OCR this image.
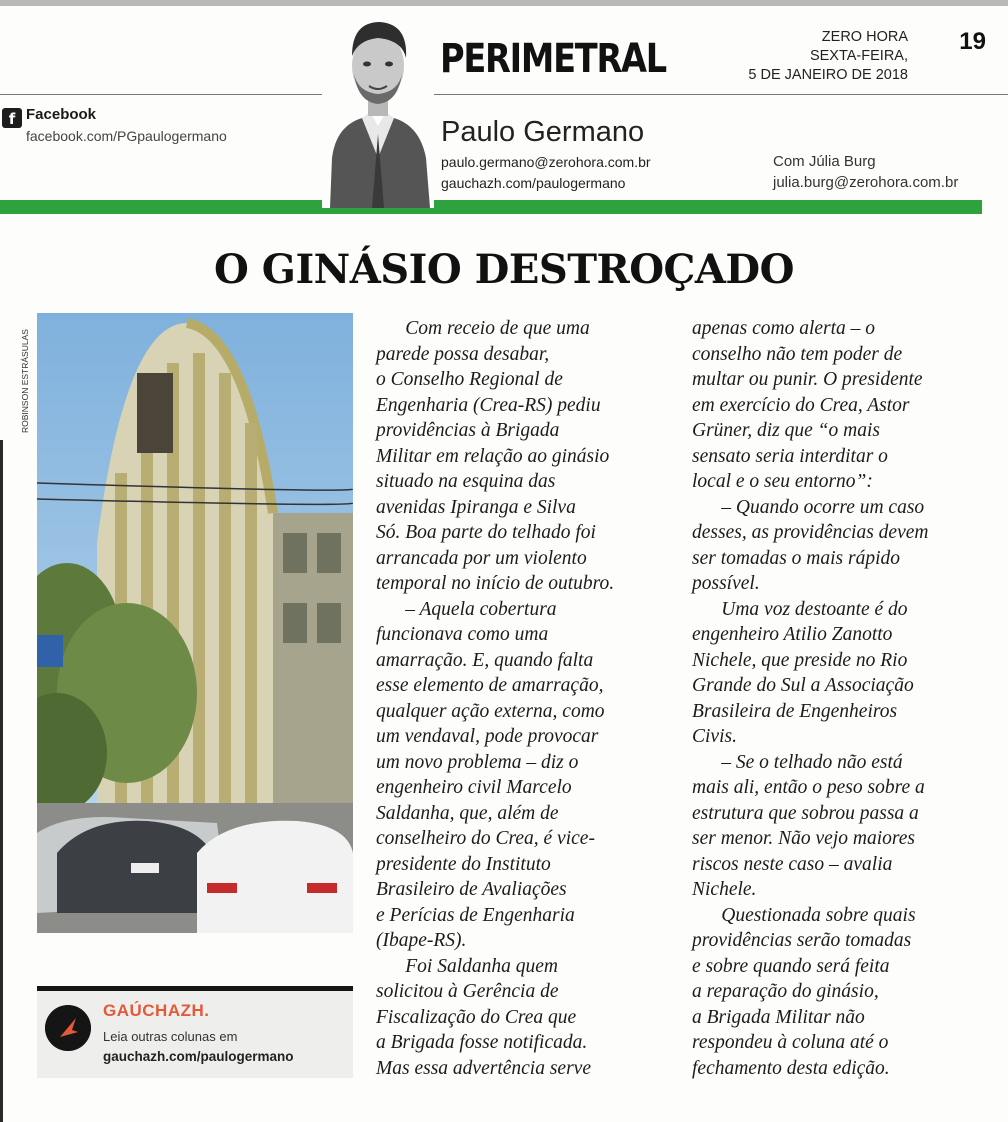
f Facebook
facebook.com/PGpaulogermano
PERIMETRAL
Paulo Germano
paulo.germano@zerohora.com.br
gauchazh.com/paulogermano
ZERO HORA
SEXTA-FEIRA,
5 DE JANEIRO DE 2018
19
Com Júlia Burg
julia.burg@zerohora.com.br
O GINÁSIO DESTROÇADO
ROBINSON ESTRÁSULAS
GAÚCHAZH.
Leia outras colunas em
gauchazh.com/paulogermano
  Com receio de que uma
parede possa desabar,
o Conselho Regional de
Engenharia (Crea-RS) pediu
providências à Brigada
Militar em relação ao ginásio
situado na esquina das
avenidas Ipiranga e Silva
Só. Boa parte do telhado foi
arrancada por um violento
temporal no início de outubro.
  – Aquela cobertura
funcionava como uma
amarração. E, quando falta
esse elemento de amarração,
qualquer ação externa, como
um vendaval, pode provocar
um novo problema – diz o
engenheiro civil Marcelo
Saldanha, que, além de
conselheiro do Crea, é vice-
presidente do Instituto
Brasileiro de Avaliações
e Perícias de Engenharia
(Ibape-RS).
  Foi Saldanha quem
solicitou à Gerência de
Fiscalização do Crea que
a Brigada fosse notificada.
Mas essa advertência serve
apenas como alerta – o
conselho não tem poder de
multar ou punir. O presidente
em exercício do Crea, Astor
Grüner, diz que “o mais
sensato seria interditar o
local e o seu entorno”:
  – Quando ocorre um caso
desses, as providências devem
ser tomadas o mais rápido
possível.
  Uma voz destoante é do
engenheiro Atilio Zanotto
Nichele, que preside no Rio
Grande do Sul a Associação
Brasileira de Engenheiros
Civis.
  – Se o telhado não está
mais ali, então o peso sobre a
estrutura que sobrou passa a
ser menor. Não vejo maiores
riscos neste caso – avalia
Nichele.
  Questionada sobre quais
providências serão tomadas
e sobre quando será feita
a reparação do ginásio,
a Brigada Militar não
respondeu à coluna até o
fechamento desta edição.
